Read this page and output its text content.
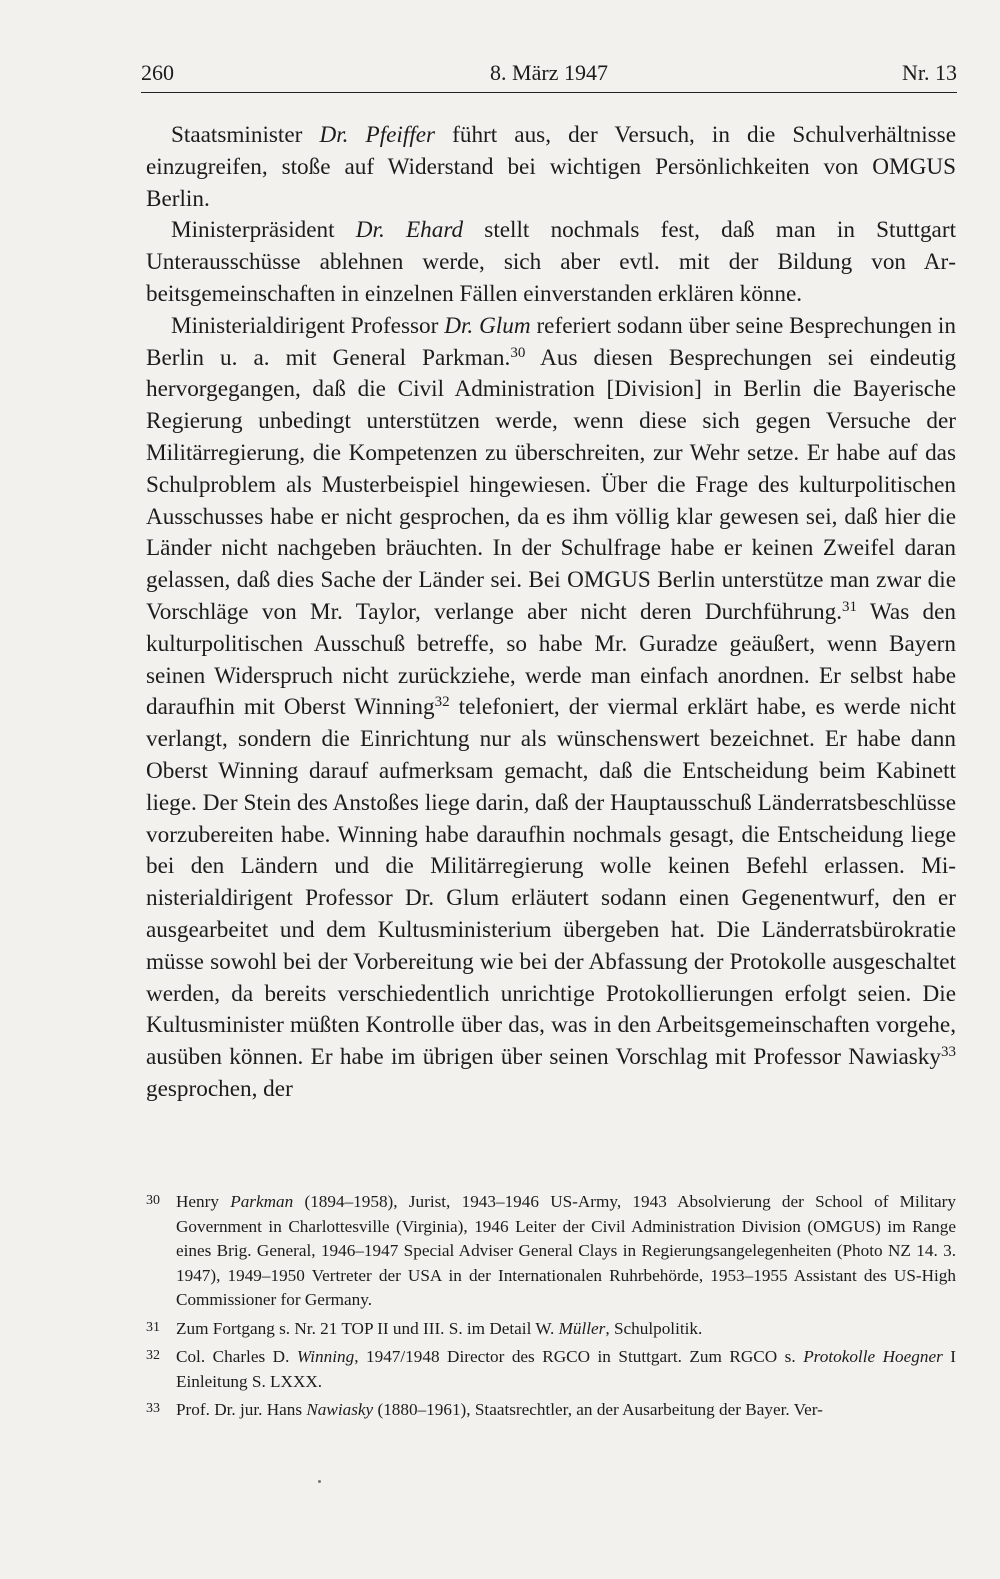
260	8. März 1947	Nr. 13

Staatsminister Dr. Pfeiffer führt aus, der Versuch, in die Schulverhältnisse einzugreifen, stoße auf Widerstand bei wichtigen Persönlichkeiten von OMGUS Berlin.

Ministerpräsident Dr. Ehard stellt nochmals fest, daß man in Stuttgart Unterausschüsse ablehnen werde, sich aber evtl. mit der Bildung von Arbeitsgemeinschaften in einzelnen Fällen einverstanden erklären könne.

Ministerialdirigent Professor Dr. Glum referiert sodann über seine Besprechungen in Berlin u. a. mit General Parkman.$^{30}$ Aus diesen Besprechungen sei eindeutig hervorgegangen, daß die Civil Administration [Division] in Berlin die Bayerische Regierung unbedingt unterstützen werde, wenn diese sich gegen Versuche der Militärregierung, die Kompetenzen zu überschreiten, zur Wehr setze. Er habe auf das Schulproblem als Musterbeispiel hingewiesen. Über die Frage des kulturpolitischen Ausschusses habe er nicht gesprochen, da es ihm völlig klar gewesen sei, daß hier die Länder nicht nachgeben bräuchten. In der Schulfrage habe er keinen Zweifel daran gelassen, daß dies Sache der Länder sei. Bei OMGUS Berlin unterstütze man zwar die Vorschläge von Mr. Taylor, verlange aber nicht deren Durchführung.$^{31}$ Was den kulturpolitischen Ausschuß betreffe, so habe Mr. Guradze geäußert, wenn Bayern seinen Widerspruch nicht zurückziehe, werde man einfach anordnen. Er selbst habe daraufhin mit Oberst Winning$^{32}$ telefoniert, der viermal erklärt habe, es werde nicht verlangt, sondern die Einrichtung nur als wünschenswert bezeichnet. Er habe dann Oberst Winning darauf aufmerksam gemacht, daß die Entscheidung beim Kabinett liege. Der Stein des Anstoßes liege darin, daß der Hauptausschuß Länderratsbeschlüsse vorzubereiten habe. Winning habe daraufhin nochmals gesagt, die Entscheidung liege bei den Ländern und die Militärregierung wolle keinen Befehl erlassen. Ministerialdirigent Professor Dr. Glum erläutert sodann einen Gegenentwurf, den er ausgearbeitet und dem Kultusministerium übergeben hat. Die Länderratsbürokratie müsse sowohl bei der Vorbereitung wie bei der Abfassung der Protokolle ausgeschaltet werden, da bereits verschiedentlich unrichtige Protokollierungen erfolgt seien. Die Kultusminister müßten Kontrolle über das, was in den Arbeitsgemeinschaften vorgehe, ausüben können. Er habe im übrigen über seinen Vorschlag mit Professor Nawiasky$^{33}$ gesprochen, der

30 Henry Parkman (1894–1958), Jurist, 1943–1946 US-Army, 1943 Absolvierung der School of Military Government in Charlottesville (Virginia), 1946 Leiter der Civil Administration Division (OMGUS) im Range eines Brig. General, 1946–1947 Special Adviser General Clays in Regierungsangelegenheiten (Photo NZ 14. 3. 1947), 1949–1950 Vertreter der USA in der Internationalen Ruhrbehörde, 1953–1955 Assistant des US-High Commissioner for Germany.
31 Zum Fortgang s. Nr. 21 TOP II und III. S. im Detail W. Müller, Schulpolitik.
32 Col. Charles D. Winning, 1947/1948 Director des RGCO in Stuttgart. Zum RGCO s. Protokolle Hoegner I Einleitung S. LXXX.
33 Prof. Dr. jur. Hans Nawiasky (1880–1961), Staatsrechtler, an der Ausarbeitung der Bayer. Ver-
